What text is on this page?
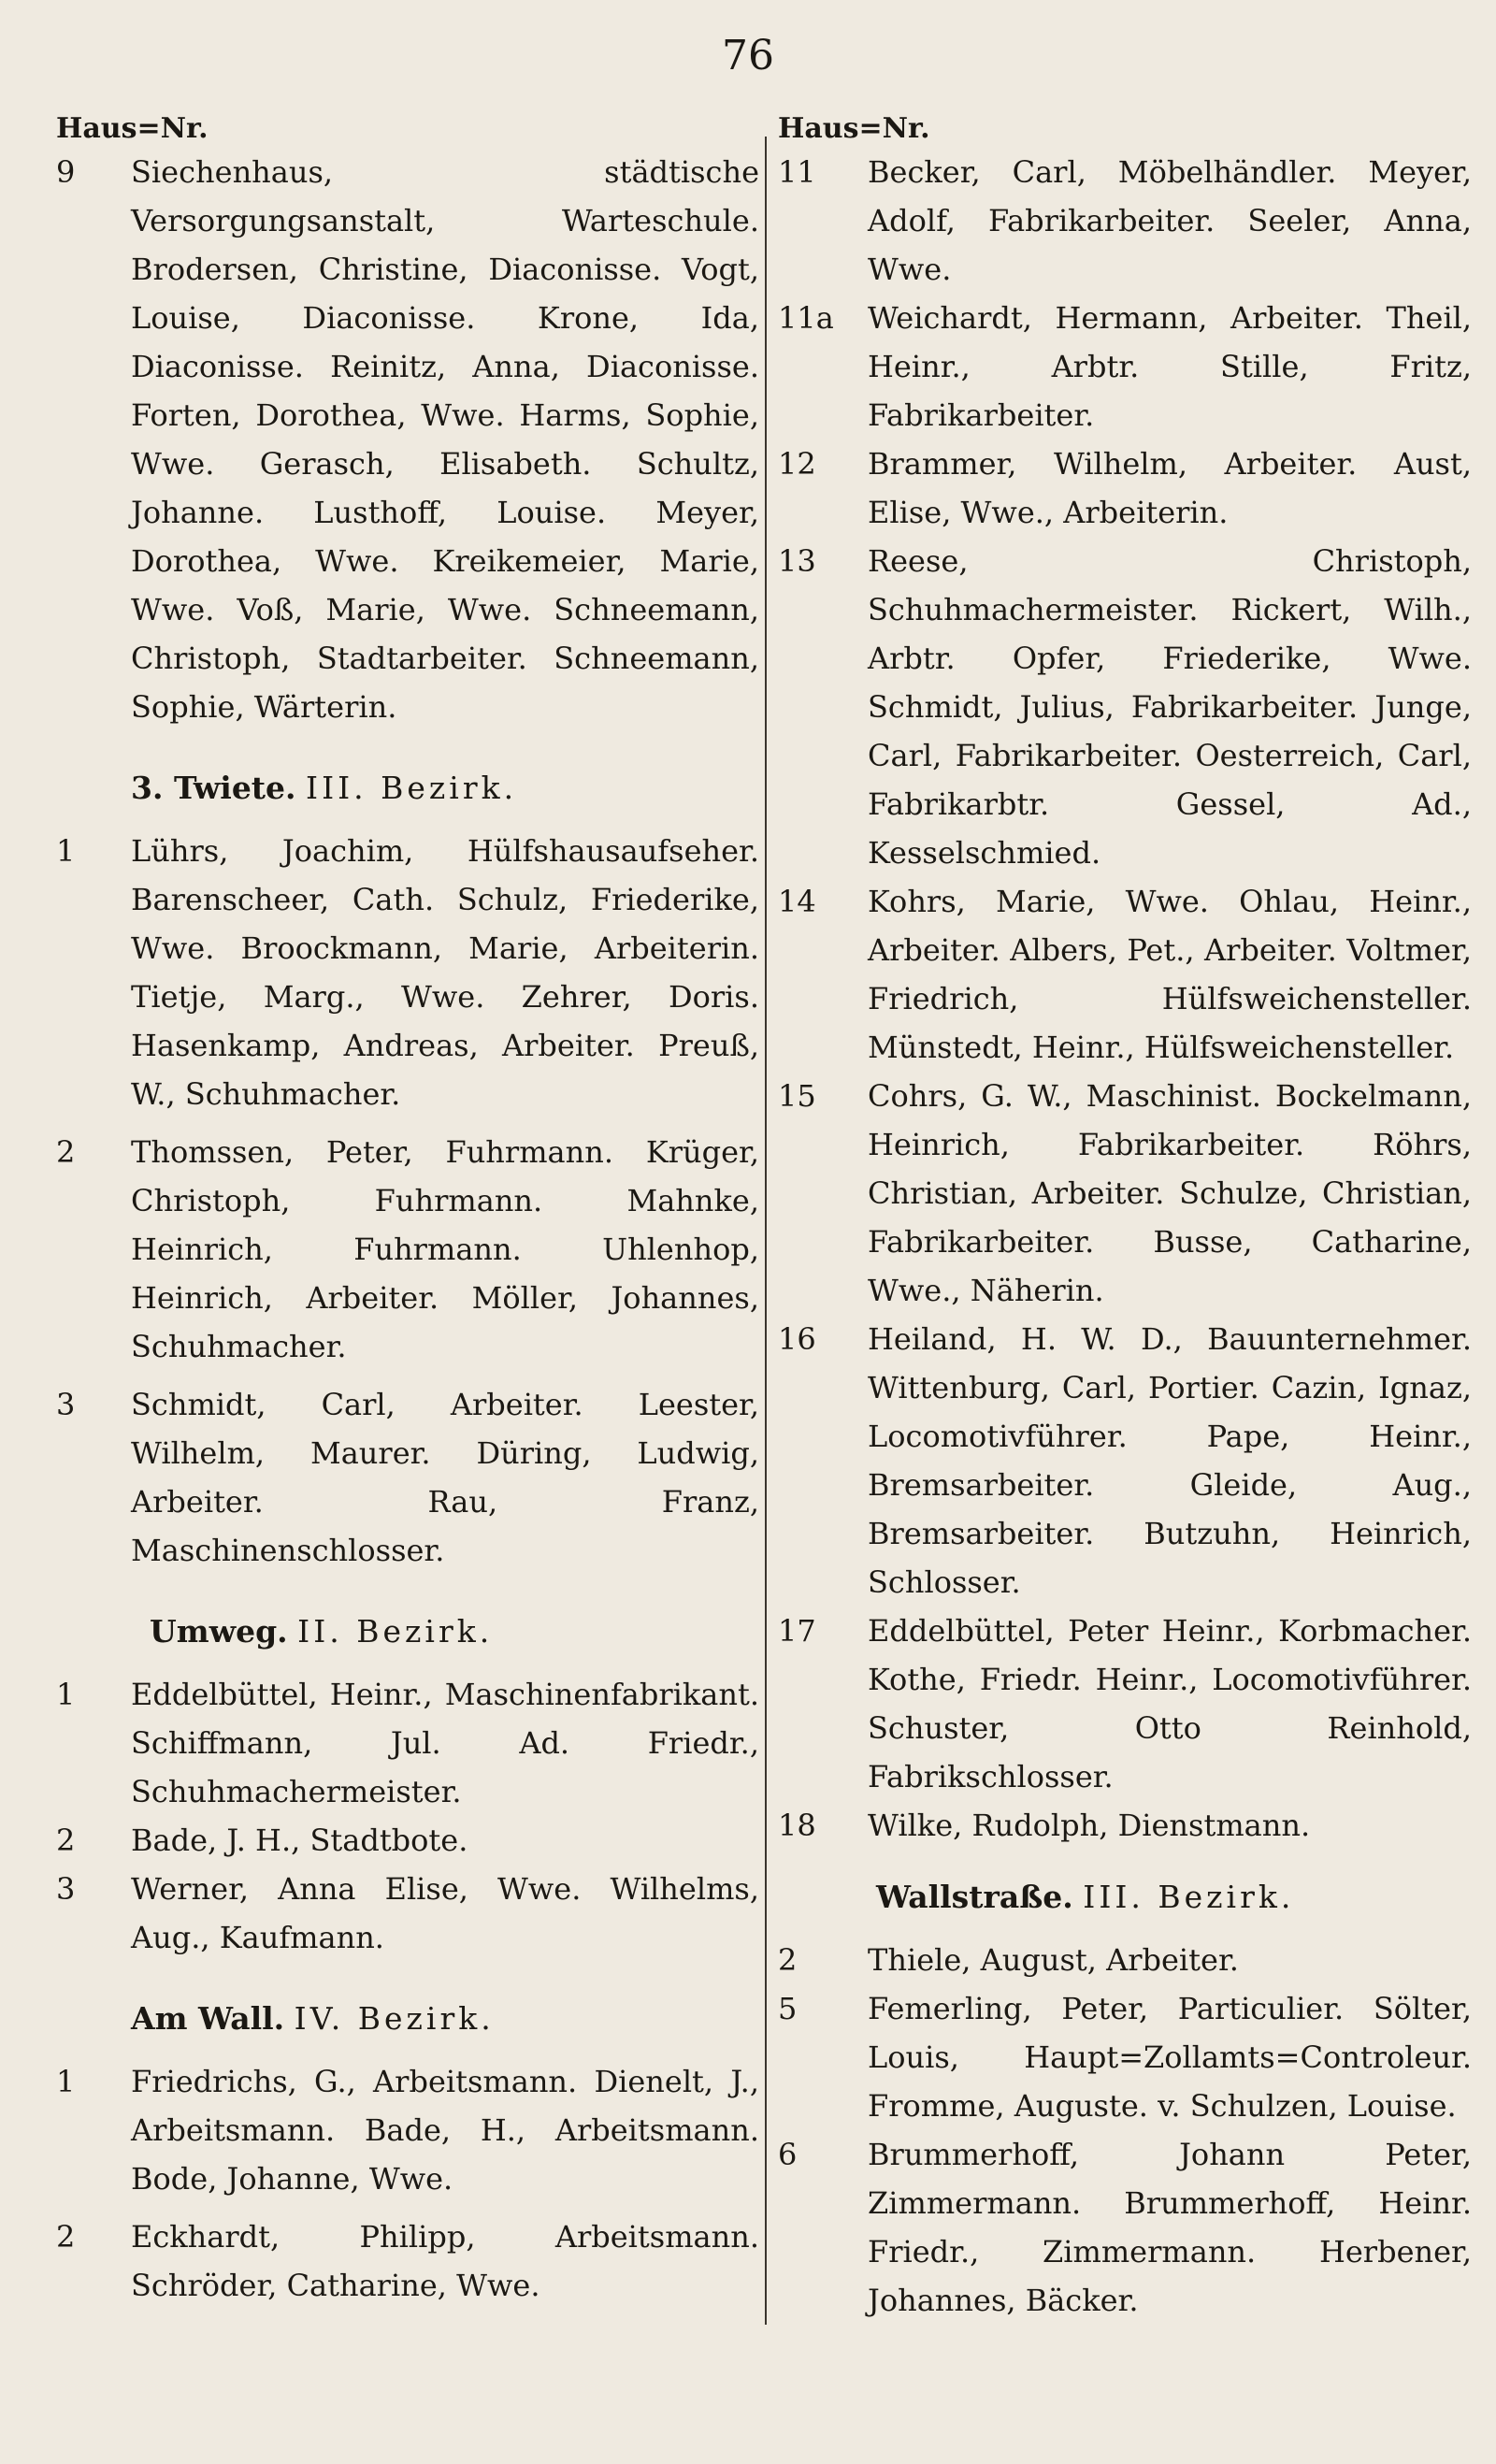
76
Haus=Nr.
9	Siechenhaus, städtische Versorgungsanstalt, Warteschule. Brodersen, Christine, Diaconisse. Vogt, Louise, Diaconisse. Krone, Ida, Diaconisse. Reinitz, Anna, Diaconisse. Forten, Dorothea, Wwe. Harms, Sophie, Wwe. Gerasch, Elisabeth. Schultz, Johanne. Lusthoff, Louise. Meyer, Dorothea, Wwe. Kreikemeier, Marie, Wwe. Voß, Marie, Wwe. Schneemann, Christoph, Stadtarbeiter. Schneemann, Sophie, Wärterin.
3. Twiete. III. Bezirk.
1	Lührs, Joachim, Hülfshausaufseher. Barenscheer, Cath. Schulz, Friederike, Wwe. Broockmann, Marie, Arbeiterin. Tietje, Marg., Wwe. Zehrer, Doris. Hasenkamp, Andreas, Arbeiter. Preuß, W., Schuhmacher.
2	Thomssen, Peter, Fuhrmann. Krüger, Christoph, Fuhrmann. Mahnke, Heinrich, Fuhrmann. Uhlenhop, Heinrich, Arbeiter. Möller, Johannes, Schuhmacher.
3	Schmidt, Carl, Arbeiter. Leester, Wilhelm, Maurer. Düring, Ludwig, Arbeiter. Rau, Franz, Maschinenschlosser.
Umweg. II. Bezirk.
1	Eddelbüttel, Heinr., Maschinenfabrikant. Schiffmann, Jul. Ad. Friedr., Schuhmachermeister.
2	Bade, J. H., Stadtbote.
3	Werner, Anna Elise, Wwe. Wilhelms, Aug., Kaufmann.
Am Wall. IV. Bezirk.
1	Friedrichs, G., Arbeitsmann. Dienelt, J., Arbeitsmann. Bade, H., Arbeitsmann. Bode, Johanne, Wwe.
2	Eckhardt, Philipp, Arbeitsmann. Schröder, Catharine, Wwe.
Haus=Nr.
11	Becker, Carl, Möbelhändler. Meyer, Adolf, Fabrikarbeiter. Seeler, Anna, Wwe.
11a	Weichardt, Hermann, Arbeiter. Theil, Heinr., Arbtr. Stille, Fritz, Fabrikarbeiter.
12	Brammer, Wilhelm, Arbeiter. Aust, Elise, Wwe., Arbeiterin.
13	Reese, Christoph, Schuhmachermeister. Rickert, Wilh., Arbtr. Opfer, Friederike, Wwe. Schmidt, Julius, Fabrikarbeiter. Junge, Carl, Fabrikarbeiter. Oesterreich, Carl, Fabrikarbtr. Gessel, Ad., Kesselschmied.
14	Kohrs, Marie, Wwe. Ohlau, Heinr., Arbeiter. Albers, Pet., Arbeiter. Voltmer, Friedrich, Hülfsweichensteller. Münstedt, Heinr., Hülfsweichensteller.
15	Cohrs, G. W., Maschinist. Bockelmann, Heinrich, Fabrikarbeiter. Röhrs, Christian, Arbeiter. Schulze, Christian, Fabrikarbeiter. Busse, Catharine, Wwe., Näherin.
16	Heiland, H. W. D., Bauunternehmer. Wittenburg, Carl, Portier. Cazin, Ignaz, Locomotivführer. Pape, Heinr., Bremsarbeiter. Gleide, Aug., Bremsarbeiter. Butzuhn, Heinrich, Schlosser.
17	Eddelbüttel, Peter Heinr., Korbmacher. Kothe, Friedr. Heinr., Locomotivführer. Schuster, Otto Reinhold, Fabrikschlosser.
18	Wilke, Rudolph, Dienstmann.
Wallstraße. III. Bezirk.
2	Thiele, August, Arbeiter.
5	Femerling, Peter, Particulier. Sölter, Louis, Haupt=Zollamts=Controleur. Fromme, Auguste. v. Schulzen, Louise.
6	Brummerhoff, Johann Peter, Zimmermann. Brummerhoff, Heinr. Friedr., Zimmermann. Herbener, Johannes, Bäcker.
